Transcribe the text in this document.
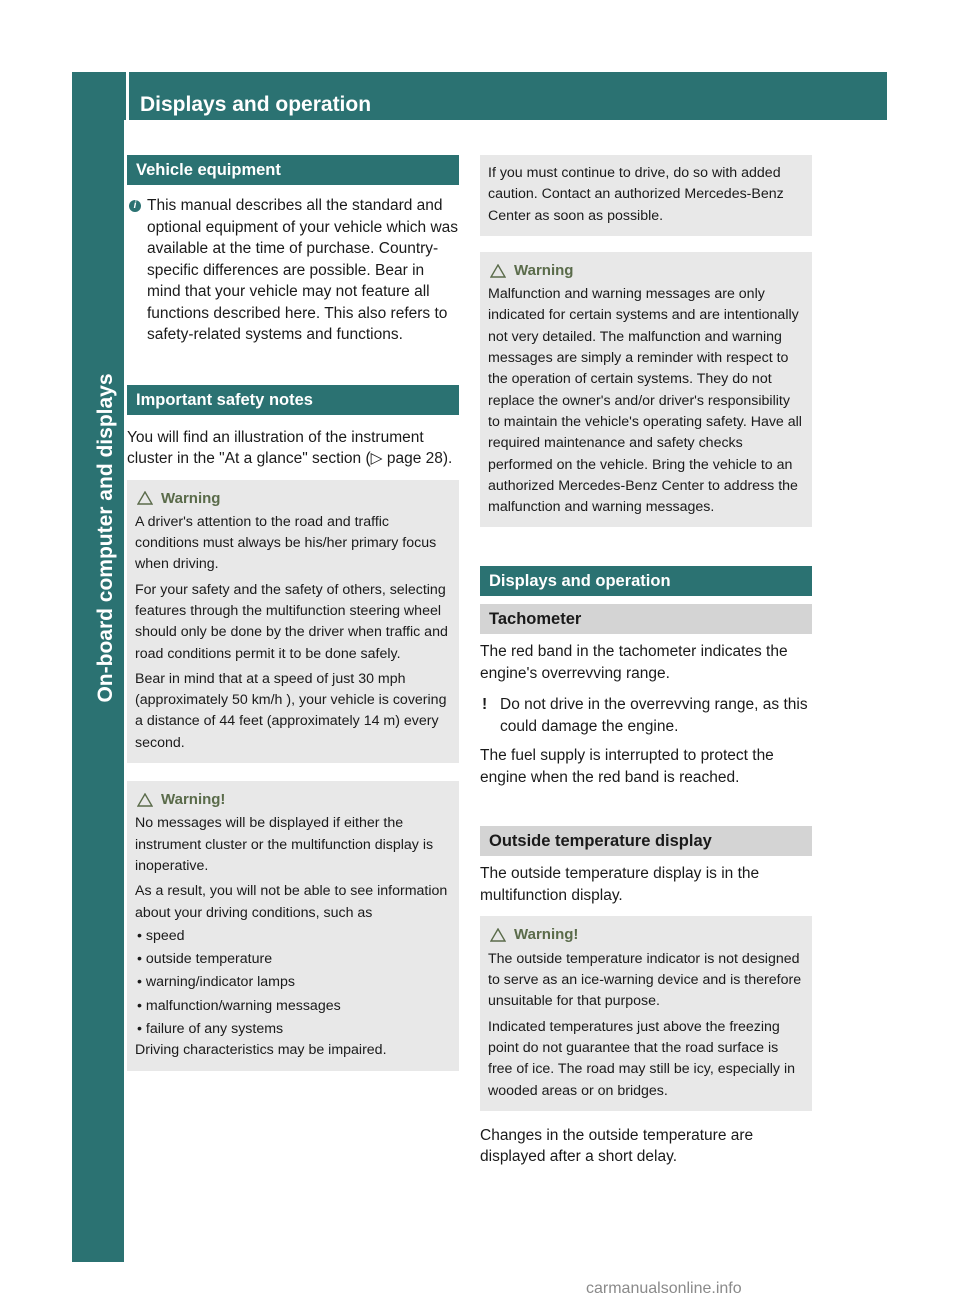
Displays and operation
On-board computer and displays
Vehicle equipment
i This manual describes all the standard and optional equipment of your vehicle which was available at the time of purchase. Country-specific differences are possible. Bear in mind that your vehicle may not feature all functions described here. This also refers to safety-related systems and functions.

Important safety notes

You will find an illustration of the instrument cluster in the "At a glance" section (▷ page 28).

Warning

A driver's attention to the road and traffic conditions must always be his/her primary focus when driving.

For your safety and the safety of others, selecting features through the multifunction steering wheel should only be done by the driver when traffic and road conditions permit it to be done safely.

Bear in mind that at a speed of just 30 mph (approximately 50 km/h ), your vehicle is covering a distance of 44 feet (approximately 14 m) every second.

Warning!

No messages will be displayed if either the instrument cluster or the multifunction display is inoperative.

As a result, you will not be able to see information about your driving conditions, such as

• speed
• outside temperature
• warning/indicator lamps
• malfunction/warning messages
• failure of any systems

Driving characteristics may be impaired.

If you must continue to drive, do so with added caution. Contact an authorized Mercedes-Benz Center as soon as possible.

Warning

Malfunction and warning messages are only indicated for certain systems and are intentionally not very detailed. The malfunction and warning messages are simply a reminder with respect to the operation of certain systems. They do not replace the owner's and/or driver's responsibility to maintain the vehicle's operating safety. Have all required maintenance and safety checks performed on the vehicle. Bring the vehicle to an authorized Mercedes-Benz Center to address the malfunction and warning messages.

Displays and operation
Tachometer

The red band in the tachometer indicates the engine's overrevving range.

! Do not drive in the overrevving range, as this could damage the engine.

The fuel supply is interrupted to protect the engine when the red band is reached.

Outside temperature display

The outside temperature display is in the multifunction display.

Warning!

The outside temperature indicator is not designed to serve as an ice-warning device and is therefore unsuitable for that purpose.

Indicated temperatures just above the freezing point do not guarantee that the road surface is free of ice. The road may still be icy, especially in wooded areas or on bridges.

Changes in the outside temperature are displayed after a short delay.

carmanualsonline.info
